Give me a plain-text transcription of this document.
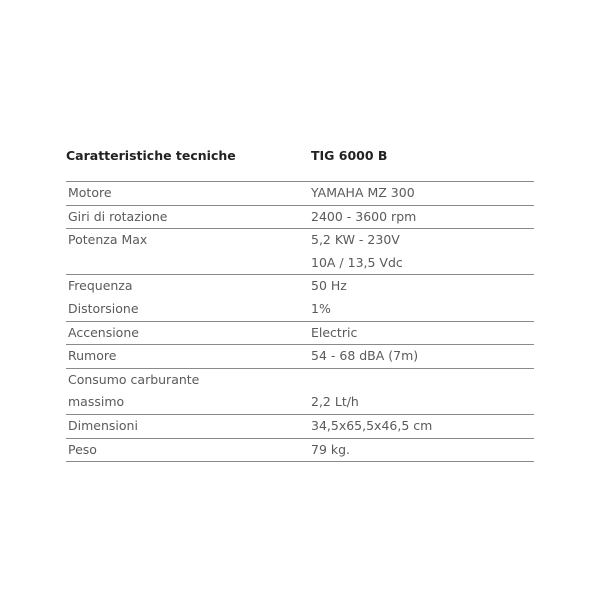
Caratteristiche tecniche	TIG 6000 B
Motore	YAMAHA MZ 300
Giri di rotazione	2400 - 3600 rpm
Potenza Max	5,2 KW - 230V
10A / 13,5 Vdc
Frequenza	50 Hz
Distorsione	1%
Accensione	Electric
Rumore	54 - 68 dBA (7m)
Consumo carburante
massimo	2,2 Lt/h
Dimensioni	34,5x65,5x46,5 cm
Peso	79 kg.
